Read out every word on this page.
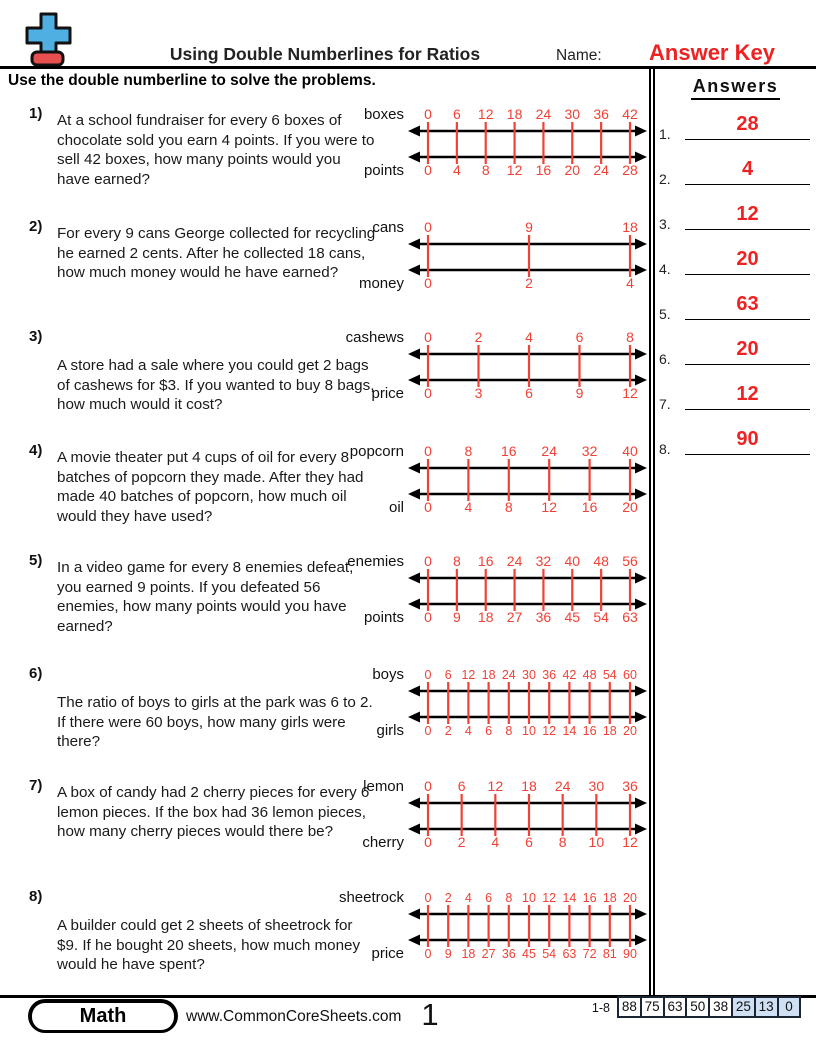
Using Double Numberlines for Ratios	Name:	Answer Key
Use the double numberline to solve the problems.	Answers
1.	28
2.	4
3.	12
4.	20
5.	63
6.	20
7.	12
8.	90
1) At a school fundraiser for every 6 boxes of chocolate sold you earn 4 points. If you were to sell 42 boxes, how many points would you have earned?
boxes
points
0 6 12 18 24 30 36 42
0 4 8 12 16 20 24 28
2) For every 9 cans George collected for recycling he earned 2 cents. After he collected 18 cans, how much money would he have earned?
cans
money
0	9	18
0	2	4
3)
A store had a sale where you could get 2 bags of cashews for $3. If you wanted to buy 8 bags, how much would it cost?
cashews
price
0	2	4	6	8
0	3	6	9	12
4) A movie theater put 4 cups of oil for every 8 batches of popcorn they made. After they had made 40 batches of popcorn, how much oil would they have used?
popcorn
oil
0 8 16 24 32 40
0 4 8 12 16 20
5) In a video game for every 8 enemies defeat, you earned 9 points. If you defeated 56 enemies, how many points would you have earned?
enemies
points
0 8 16 24 32 40 48 56
0 9 18 27 36 45 54 63
6)
The ratio of boys to girls at the park was 6 to 2. If there were 60 boys, how many girls were there?
boys
girls
0 6 12 18 24 30 36 42 48 54 60
0 2 4 6 8 10 12 14 16 18 20
7) A box of candy had 2 cherry pieces for every 6 lemon pieces. If the box had 36 lemon pieces, how many cherry pieces would there be?
lemon
cherry
0 6 12 18 24 30 36
0 2 4 6 8 10 12
8)
A builder could get 2 sheets of sheetrock for $9. If he bought 20 sheets, how much money would he have spent?
sheetrock
price
0 2 4 6 8 10 12 14 16 18 20
0 9 18 27 36 45 54 63 72 81 90
Math	www.CommonCoreSheets.com 1	1-8 88 75 63 50 38 25 13 0
